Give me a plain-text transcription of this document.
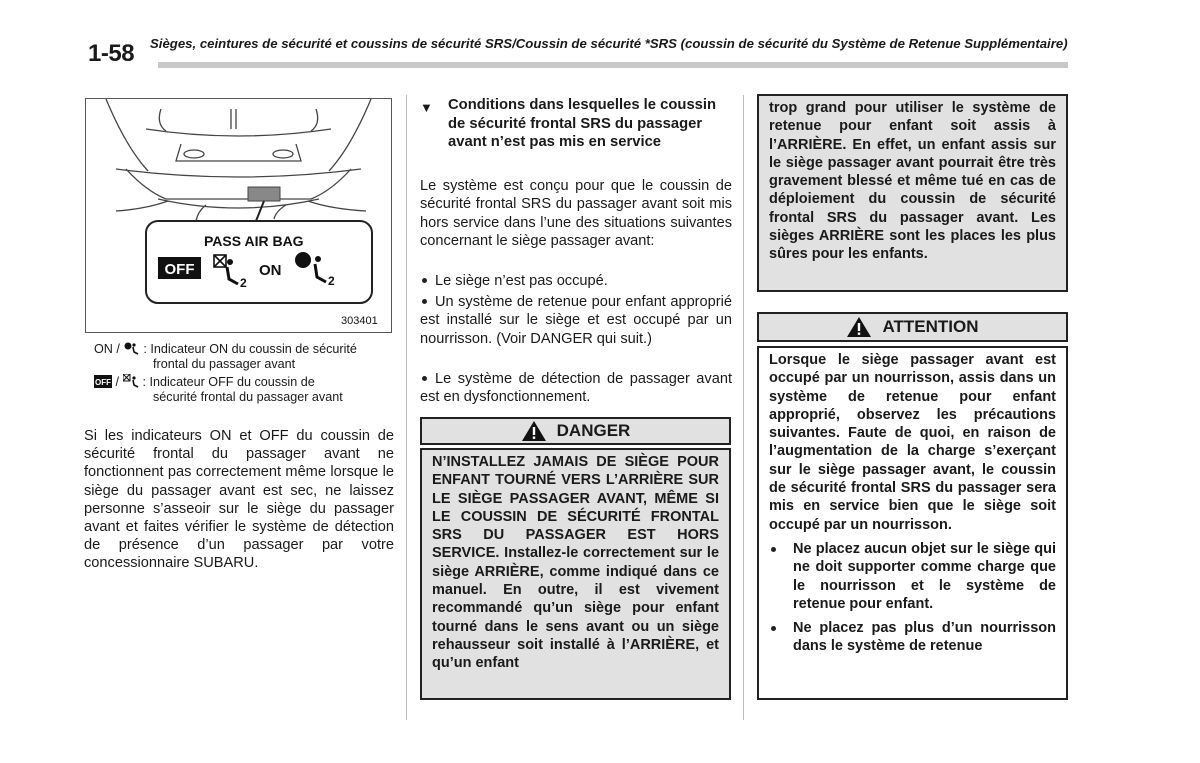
1-58 Sièges, ceintures de sécurité et coussins de sécurité SRS/Coussin de sécurité *SRS (coussin de sécurité du Système de Retenue Supplémentaire)
PASS AIR BAG
OFF
2
ON
2
303401
ON / : Indicateur ON du coussin de sécurité
frontal du passager avant
OFF / : Indicateur OFF du coussin de
sécurité frontal du passager avant
Si les indicateurs ON et OFF du coussin de sécurité frontal du passager avant ne fonctionnent pas correctement même lorsque le siège du passager avant est sec, ne laissez personne s’asseoir sur le siège du passager avant et faites vérifier le système de détection de présence d’un passager par votre concessionnaire SUBARU.
▼ Conditions dans lesquelles le coussin de sécurité frontal SRS du passager avant n’est pas mis en service
Le système est conçu pour que le coussin de sécurité frontal SRS du passager avant soit mis hors service dans l’une des situations suivantes concernant le siège passager avant:
Le siège n’est pas occupé.
Un système de retenue pour enfant approprié est installé sur le siège et est occupé par un nourrisson. (Voir DANGER qui suit.)
Le système de détection de passager avant est en dysfonctionnement.
DANGER
N’INSTALLEZ JAMAIS DE SIÈGE POUR ENFANT TOURNÉ VERS L’ARRIÈRE SUR LE SIÈGE PASSAGER AVANT, MÊME SI LE COUSSIN DE SÉCURITÉ FRONTAL SRS DU PASSAGER EST HORS SERVICE. Installez-le correctement sur le siège ARRIÈRE, comme indiqué dans ce manuel. En outre, il est vivement recommandé qu’un siège pour enfant tourné dans le sens avant ou un siège rehausseur soit installé à l’ARRIÈRE, et qu’un enfant
trop grand pour utiliser le système de retenue pour enfant soit assis à l’ARRIÈRE. En effet, un enfant assis sur le siège passager avant pourrait être très gravement blessé et même tué en cas de déploiement du coussin de sécurité frontal SRS du passager avant. Les sièges ARRIÈRE sont les places les plus sûres pour les enfants.
ATTENTION
Lorsque le siège passager avant est occupé par un nourrisson, assis dans un système de retenue pour enfant approprié, observez les précautions suivantes. Faute de quoi, en raison de l’augmentation de la charge s’exerçant sur le siège passager avant, le coussin de sécurité frontal SRS du passager sera mis en service bien que le siège soit occupé par un nourrisson.
Ne placez aucun objet sur le siège qui ne doit supporter comme charge que le nourrisson et le système de retenue pour enfant.
Ne placez pas plus d’un nourrisson dans le système de retenue
